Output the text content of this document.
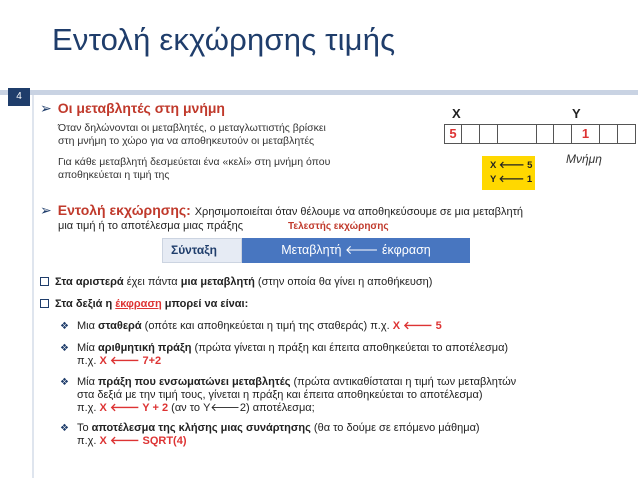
Εντολή εκχώρησης τιμής
4
➢ Οι μεταβλητές στη μνήμη
Όταν δηλώνονται οι μεταβλητές, ο μεταγλωττιστής βρίσκει
στη μνήμη το χώρο για να αποθηκευτούν οι μεταβλητές
Για κάθε μεταβλητή δεσμεύεται ένα «κελί» στη μνήμη όπου
αποθηκεύεται η τιμή της
X	Y
5	1
Μνήμη
X 🡐 5
Y 🡐 1
➢ Εντολή εκχώρησης: Χρησιμοποιείται όταν θέλουμε να αποθηκεύσουμε σε μια μεταβλητή
μια τιμή ή το αποτέλεσμα μιας πράξης	Τελεστής εκχώρησης
Σύνταξη	Μεταβλητή 🡐 έκφραση
Στα αριστερά έχει πάντα μια μεταβλητή (στην οποία θα γίνει η αποθήκευση)
Στα δεξιά η έκφραση μπορεί να είναι:
❖ Μια σταθερά (οπότε και αποθηκεύεται η τιμή της σταθεράς) π.χ. X 🡐 5
❖ Μία αριθμητική πράξη (πρώτα γίνεται η πράξη και έπειτα αποθηκεύεται το αποτέλεσμα)
π.χ. X 🡐 7+2
❖ Μία πράξη που ενσωματώνει μεταβλητές (πρώτα αντικαθίσταται η τιμή των μεταβλητών
στα δεξιά με την τιμή τους, γίνεται η πράξη και έπειτα αποθηκεύεται το αποτέλεσμα)
π.χ. X 🡐 Y + 2 (αν το Y🡐2) αποτέλεσμα;
❖ Το αποτέλεσμα της κλήσης μιας συνάρτησης (θα το δούμε σε επόμενο μάθημα)
π.χ. X 🡐 SQRT(4)
